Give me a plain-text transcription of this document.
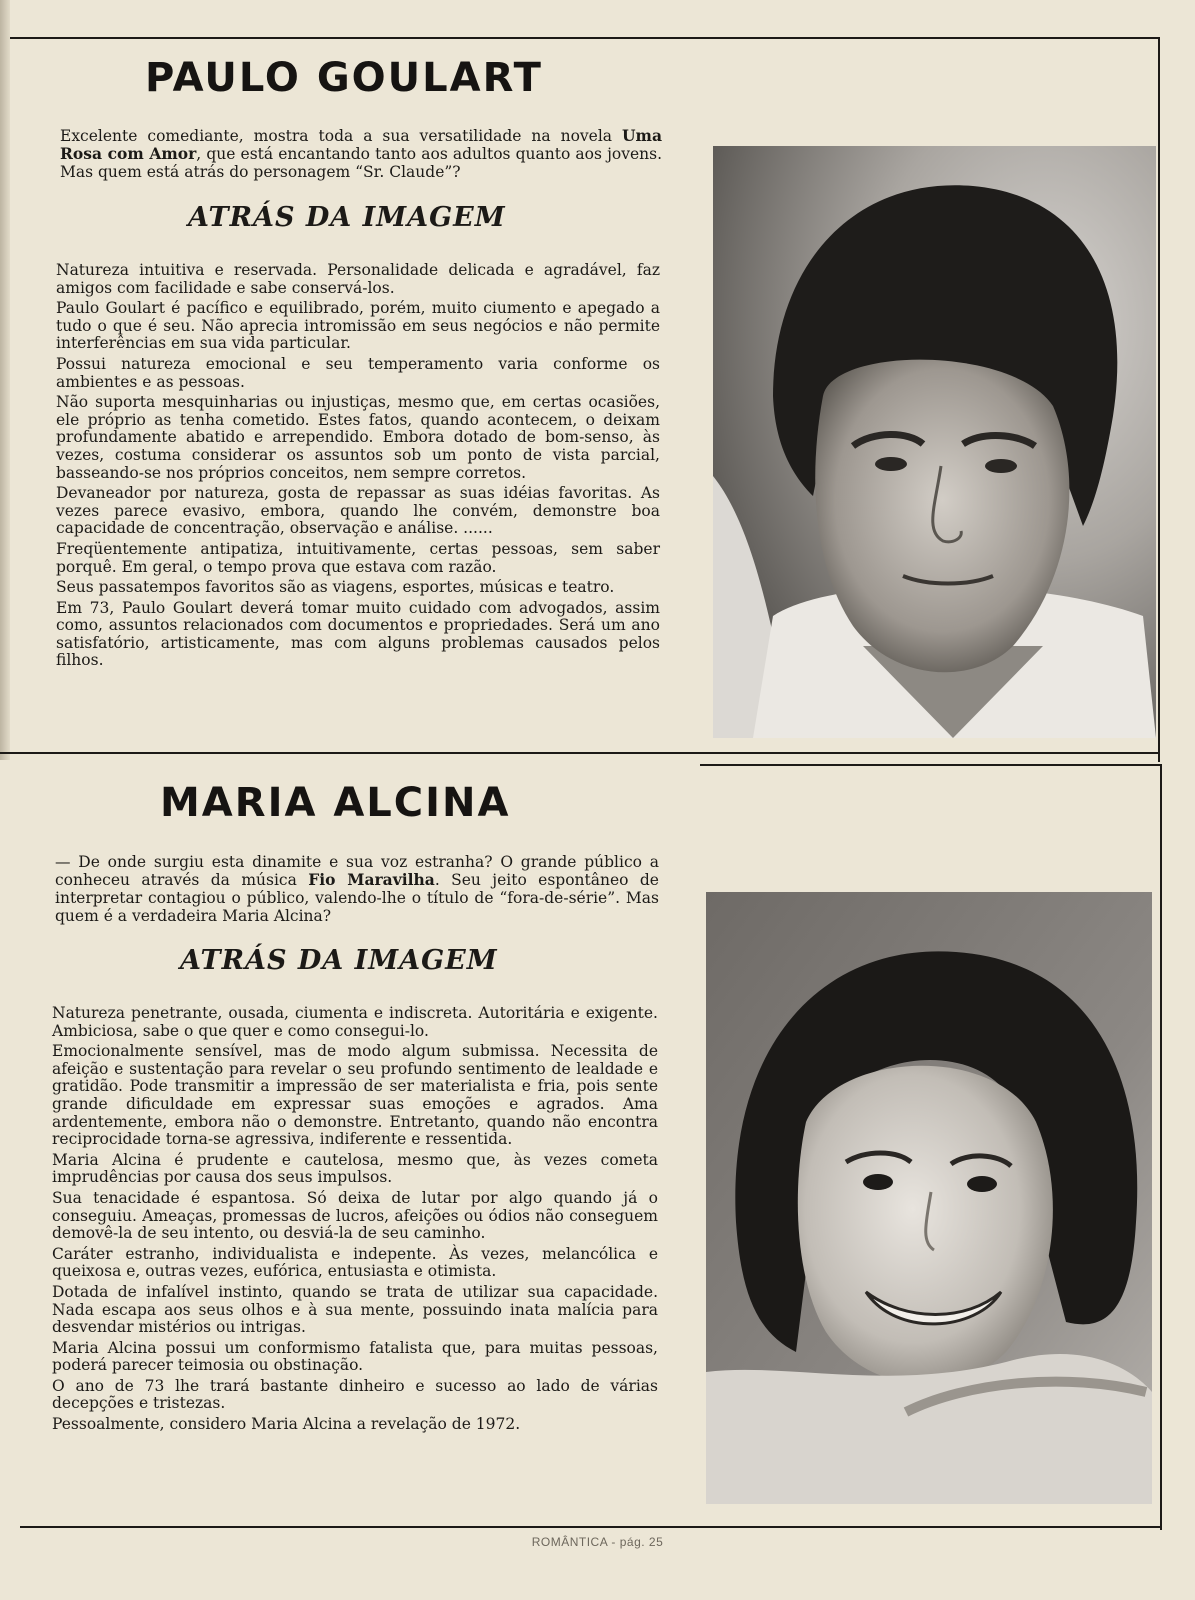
PAULO GOULART

Excelente comediante, mostra toda a sua versatilidade na novela Uma Rosa com Amor, que está encantando tanto aos adultos quanto aos jovens. Mas quem está atrás do personagem “Sr. Claude”?

ATRÁS DA IMAGEM

Natureza intuitiva e reservada. Personalidade delicada e agradável, faz amigos com facilidade e sabe conservá-los.

Paulo Goulart é pacífico e equilibrado, porém, muito ciumento e apegado a tudo o que é seu. Não aprecia intromissão em seus negócios e não permite interferências em sua vida particular.

Possui natureza emocional e seu temperamento varia conforme os ambientes e as pessoas.

Não suporta mesquinharias ou injustiças, mesmo que, em certas ocasiões, ele próprio as tenha cometido. Estes fatos, quando acontecem, o deixam profundamente abatido e arrependido. Embora dotado de bom-senso, às vezes, costuma considerar os assuntos sob um ponto de vista parcial, basseando-se nos próprios conceitos, nem sempre corretos.

Devaneador por natureza, gosta de repassar as suas idéias favoritas. As vezes parece evasivo, embora, quando lhe convém, demonstre boa capacidade de concentração, observação e análise. ......

Freqüentemente antipatiza, intuitivamente, certas pessoas, sem saber porquê. Em geral, o tempo prova que estava com razão.

Seus passatempos favoritos são as viagens, esportes, músicas e teatro.

Em 73, Paulo Goulart deverá tomar muito cuidado com advogados, assim como, assuntos relacionados com documentos e propriedades. Será um ano satisfatório, artisticamente, mas com alguns problemas causados pelos filhos.

MARIA ALCINA

— De onde surgiu esta dinamite e sua voz estranha? O grande público a conheceu através da música Fio Maravilha. Seu jeito espontâneo de interpretar contagiou o público, valendo-lhe o título de “fora-de-série”. Mas quem é a verdadeira Maria Alcina?

ATRÁS DA IMAGEM

Natureza penetrante, ousada, ciumenta e indiscreta. Autoritária e exigente. Ambiciosa, sabe o que quer e como consegui-lo.

Emocionalmente sensível, mas de modo algum submissa. Necessita de afeição e sustentação para revelar o seu profundo sentimento de lealdade e gratidão. Pode transmitir a impressão de ser materialista e fria, pois sente grande dificuldade em expressar suas emoções e agrados. Ama ardentemente, embora não o demonstre. Entretanto, quando não encontra reciprocidade torna-se agressiva, indiferente e ressentida.

Maria Alcina é prudente e cautelosa, mesmo que, às vezes cometa imprudências por causa dos seus impulsos.

Sua tenacidade é espantosa. Só deixa de lutar por algo quando já o conseguiu. Ameaças, promessas de lucros, afeições ou ódios não conseguem demovê-la de seu intento, ou desviá-la de seu caminho.

Caráter estranho, individualista e indepente. Às vezes, melancólica e queixosa e, outras vezes, eufórica, entusiasta e otimista.

Dotada de infalível instinto, quando se trata de utilizar sua capacidade. Nada escapa aos seus olhos e à sua mente, possuindo inata malícia para desvendar mistérios ou intrigas.

Maria Alcina possui um conformismo fatalista que, para muitas pessoas, poderá parecer teimosia ou obstinação.

O ano de 73 lhe trará bastante dinheiro e sucesso ao lado de várias decepções e tristezas.

Pessoalmente, considero Maria Alcina a revelação de 1972.

ROMÂNTICA - pág. 25
